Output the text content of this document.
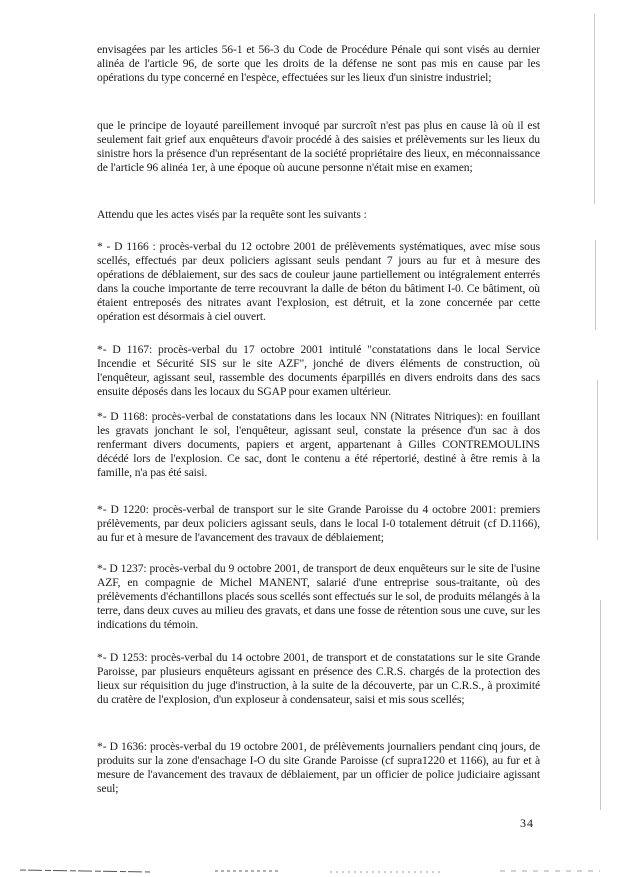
envisagées par les articles 56-1 et 56-3 du Code de Procédure Pénale qui sont visés au dernier alinéa de l'article 96, de sorte que les droits de la défense ne sont pas mis en cause par les opérations du type concerné en l'espèce, effectuées sur les lieux d'un sinistre industriel;
que le principe de loyauté pareillement invoqué par surcroît n'est pas plus en cause là où il est seulement fait grief aux enquêteurs d'avoir procédé à des saisies et prélèvements sur les lieux du sinistre hors la présence d'un représentant de la société propriétaire des lieux, en méconnaissance de l'article 96 alinéa 1er, à une époque où aucune personne n'était mise en examen;
Attendu que les actes visés par la requête sont les suivants :
* - D 1166 : procès-verbal du 12 octobre 2001 de prélèvements systématiques, avec mise sous scellés, effectués par deux policiers agissant seuls pendant 7 jours au fur et à mesure des opérations de déblaiement, sur des sacs de couleur jaune partiellement ou intégralement enterrés dans la couche importante de terre recouvrant la dalle de béton du bâtiment I-0. Ce bâtiment, où étaient entreposés des nitrates avant l'explosion, est détruit, et la zone concernée par cette opération est désormais à ciel ouvert.
*- D 1167: procès-verbal du 17 octobre 2001 intitulé "constatations dans le local Service Incendie et Sécurité SIS sur le site AZF", jonché de divers éléments de construction, où l'enquêteur, agissant seul, rassemble des documents éparpillés en divers endroits dans des sacs ensuite déposés dans les locaux du SGAP pour examen ultérieur.
*- D 1168: procès-verbal de constatations dans les locaux NN (Nitrates Nitriques): en fouillant les gravats jonchant le sol, l'enquêteur, agissant seul, constate la présence d'un sac à dos renfermant divers documents, papiers et argent, appartenant à Gilles CONTREMOULINS décédé lors de l'explosion. Ce sac, dont le contenu a été répertorié, destiné à être remis à la famille, n'a pas été saisi.
*- D 1220: procès-verbal de transport sur le site Grande Paroisse du 4 octobre 2001: premiers prélèvements, par deux policiers agissant seuls, dans le local I-0 totalement détruit (cf D.1166), au fur et à mesure de l'avancement des travaux de déblaiement;
*- D 1237: procès-verbal du 9 octobre 2001, de transport de deux enquêteurs sur le site de l'usine AZF, en compagnie de Michel MANENT, salarié d'une entreprise sous-traitante, où des prélèvements d'échantillons placés sous scellés sont effectués sur le sol, de produits mélangés à la terre, dans deux cuves au milieu des gravats, et dans une fosse de rétention sous une cuve, sur les indications du témoin.
*- D 1253: procès-verbal du 14 octobre 2001, de transport et de constatations sur le site Grande Paroisse, par plusieurs enquêteurs agissant en présence des C.R.S. chargés de la protection des lieux sur réquisition du juge d'instruction, à la suite de la découverte, par un C.R.S., à proximité du cratère de l'explosion, d'un exploseur à condensateur, saisi et mis sous scellés;
*- D 1636: procès-verbal du 19 octobre 2001, de prélèvements journaliers pendant cinq jours, de produits sur la zone d'ensachage I-O du site Grande Paroisse (cf supra1220 et 1166), au fur et à mesure de l'avancement des travaux de déblaiement, par un officier de police judiciaire agissant seul;
34
